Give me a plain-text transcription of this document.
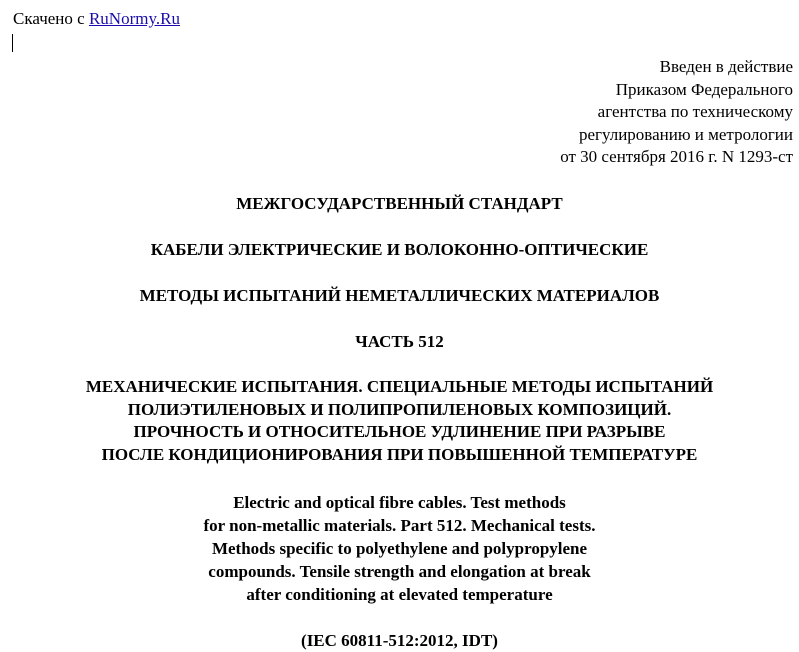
Скачено с RuNormy.Ru
Введен в действие
Приказом Федерального
агентства по техническому
регулированию и метрологии
от 30 сентября 2016 г. N 1293-ст
МЕЖГОСУДАРСТВЕННЫЙ СТАНДАРТ
КАБЕЛИ ЭЛЕКТРИЧЕСКИЕ И ВОЛОКОННО-ОПТИЧЕСКИЕ
МЕТОДЫ ИСПЫТАНИЙ НЕМЕТАЛЛИЧЕСКИХ МАТЕРИАЛОВ
ЧАСТЬ 512
МЕХАНИЧЕСКИЕ ИСПЫТАНИЯ. СПЕЦИАЛЬНЫЕ МЕТОДЫ ИСПЫТАНИЙ
ПОЛИЭТИЛЕНОВЫХ И ПОЛИПРОПИЛЕНОВЫХ КОМПОЗИЦИЙ.
ПРОЧНОСТЬ И ОТНОСИТЕЛЬНОЕ УДЛИНЕНИЕ ПРИ РАЗРЫВЕ
ПОСЛЕ КОНДИЦИОНИРОВАНИЯ ПРИ ПОВЫШЕННОЙ ТЕМПЕРАТУРЕ
Electric and optical fibre cables. Test methods
for non-metallic materials. Part 512. Mechanical tests.
Methods specific to polyethylene and polypropylene
compounds. Tensile strength and elongation at break
after conditioning at elevated temperature
(IEC 60811-512:2012, IDT)
